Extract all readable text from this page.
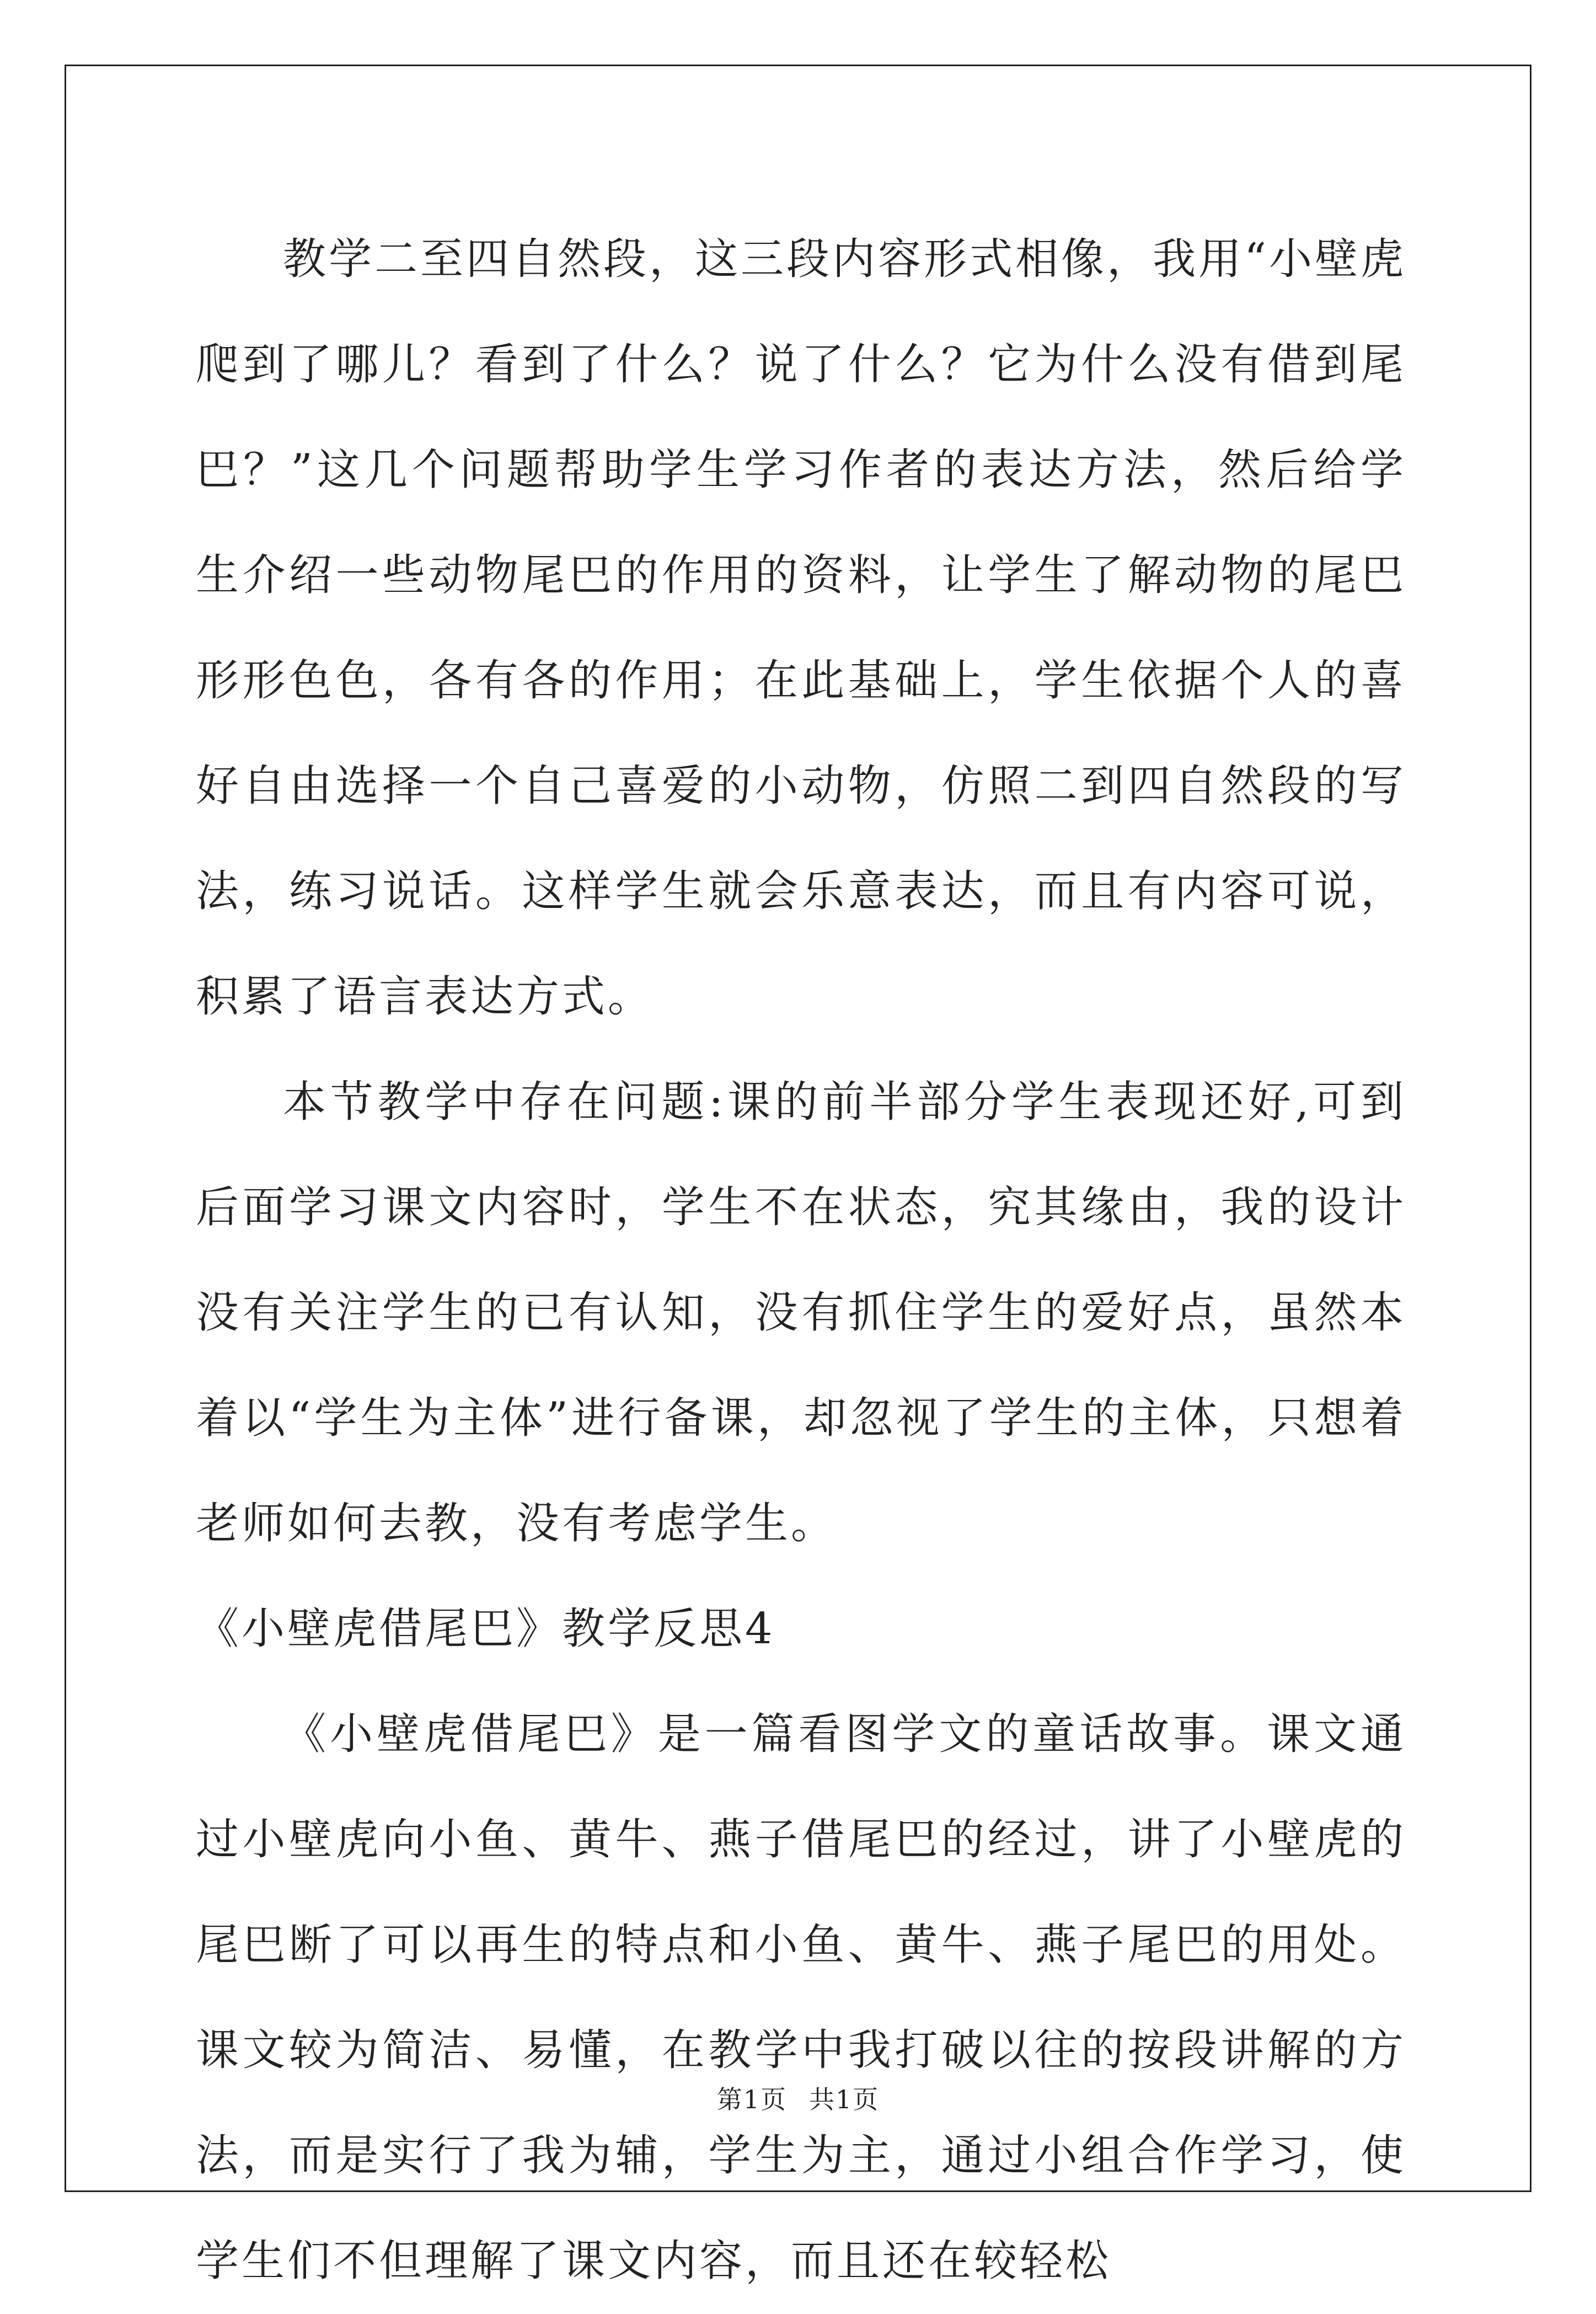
教学二至四自然段，这三段内容形式相像，我用“小壁虎爬到了哪儿？看到了什么？说了什么？它为什么没有借到尾巴？”这几个问题帮助学生学习作者的表达方法，然后给学生介绍一些动物尾巴的作用的资料，让学生了解动物的尾巴形形色色，各有各的作用；在此基础上，学生依据个人的喜好自由选择一个自己喜爱的小动物，仿照二到四自然段的写法，练习说话。这样学生就会乐意表达，而且有内容可说，积累了语言表达方式。

本节教学中存在问题:课的前半部分学生表现还好,可到后面学习课文内容时，学生不在状态，究其缘由，我的设计没有关注学生的已有认知，没有抓住学生的爱好点，虽然本着以“学生为主体”进行备课，却忽视了学生的主体，只想着老师如何去教，没有考虑学生。

《小壁虎借尾巴》教学反思4

《小壁虎借尾巴》是一篇看图学文的童话故事。课文通过小壁虎向小鱼、黄牛、燕子借尾巴的经过，讲了小壁虎的尾巴断了可以再生的特点和小鱼、黄牛、燕子尾巴的用处。课文较为简洁、易懂，在教学中我打破以往的按段讲解的方法，而是实行了我为辅，学生为主，通过小组合作学习，使学生们不但理解了课文内容，而且还在较轻松

第1页 共1页
